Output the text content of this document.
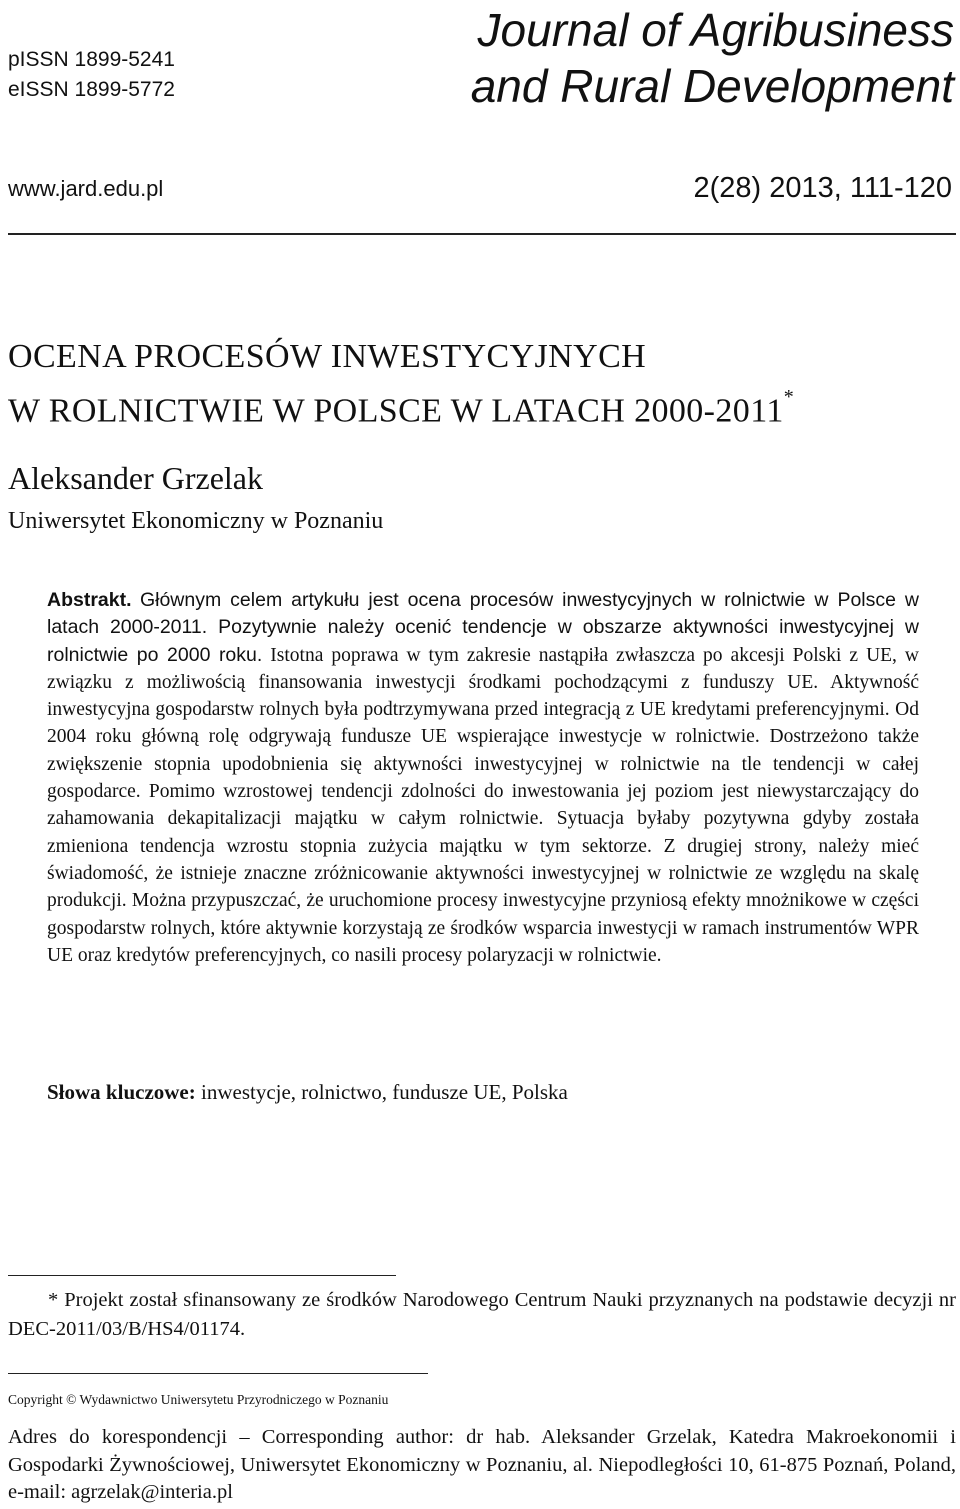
pISSN 1899-5241
eISSN 1899-5772
Journal of Agribusiness
and Rural Development
www.jard.edu.pl	2(28) 2013, 111-120
OCENA PROCESÓW INWESTYCYJNYCH
W ROLNICTWIE W POLSCE W LATACH 2000-2011*
Aleksander Grzelak
Uniwersytet Ekonomiczny w Poznaniu
Abstrakt. Głównym celem artykułu jest ocena procesów inwestycyjnych w rolnictwie w Polsce w latach 2000-2011. Pozytywnie należy ocenić tendencje w obszarze aktywności inwestycyjnej w rolnictwie po 2000 roku. Istotna poprawa w tym zakresie nastąpiła zwłaszcza po akcesji Polski z UE, w związku z możliwością finansowania inwestycji środkami pochodzącymi z funduszy UE. Aktywność inwestycyjna gospodarstw rolnych była podtrzymywana przed integracją z UE kredytami preferencyjnymi. Od 2004 roku główną rolę odgrywają fundusze UE wspierające inwestycje w rolnictwie. Dostrzeżono także zwiększenie stopnia upodobnienia się aktywności inwestycyjnej w rolnictwie na tle tendencji w całej gospodarce. Pomimo wzrostowej tendencji zdolności do inwestowania jej poziom jest niewystarczający do zahamowania dekapitalizacji majątku w całym rolnictwie. Sytuacja byłaby pozytywna gdyby została zmieniona tendencja wzrostu stopnia zużycia majątku w tym sektorze. Z drugiej strony, należy mieć świadomość, że istnieje znaczne zróżnicowanie aktywności inwestycyjnej w rolnictwie ze względu na skalę produkcji. Można przypuszczać, że uruchomione procesy inwestycyjne przyniosą efekty mnożnikowe w części gospodarstw rolnych, które aktywnie korzystają ze środków wsparcia inwestycji w ramach instrumentów WPR UE oraz kredytów preferencyjnych, co nasili procesy polaryzacji w rolnictwie.
Słowa kluczowe: inwestycje, rolnictwo, fundusze UE, Polska
* Projekt został sfinansowany ze środków Narodowego Centrum Nauki przyznanych na podstawie decyzji nr DEC-2011/03/B/HS4/01174.
Copyright © Wydawnictwo Uniwersytetu Przyrodniczego w Poznaniu
Adres do korespondencji – Corresponding author: dr hab. Aleksander Grzelak, Katedra Makroekonomii i Gospodarki Żywnościowej, Uniwersytet Ekonomiczny w Poznaniu, al. Niepodległości 10, 61-875 Poznań, Poland, e-mail: agrzelak@interia.pl
